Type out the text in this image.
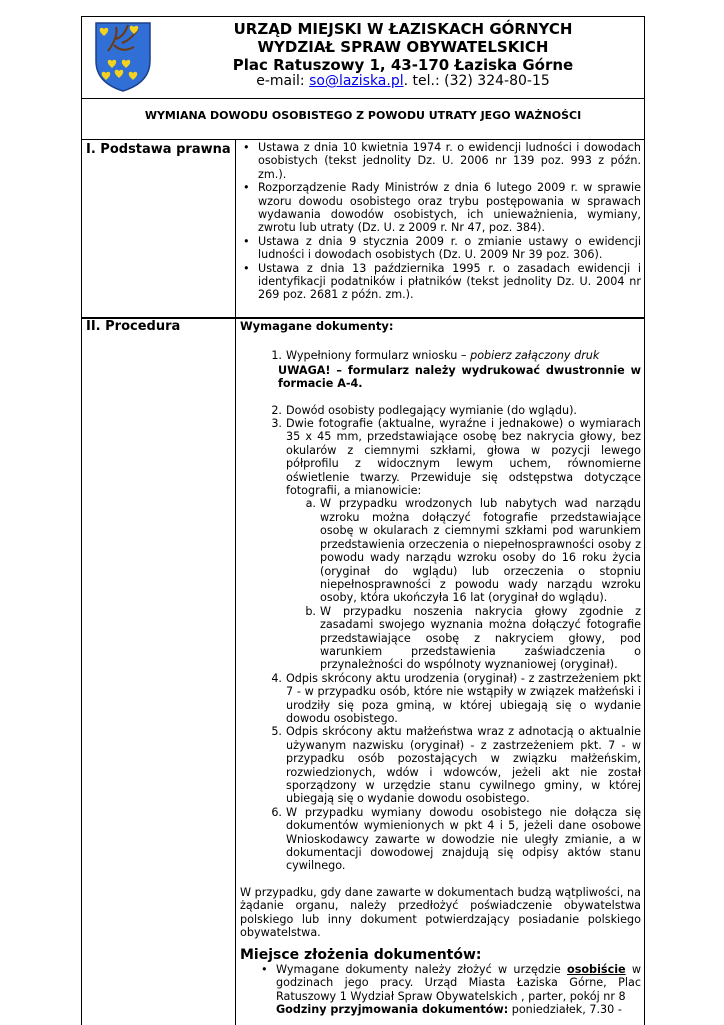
URZĄD MIEJSKI W ŁAZISKACH GÓRNYCH
WYDZIAŁ SPRAW OBYWATELSKICH
Plac Ratuszowy 1, 43-170 Łaziska Górne
e-mail: so@laziska.pl. tel.: (32) 324-80-15
WYMIANA DOWODU OSOBISTEGO Z POWODU UTRATY JEGO WAŻNOŚCI
I. Podstawa prawna	• Ustawa z dnia 10 kwietnia 1974 r. o ewidencji ludności i dowodach osobistych (tekst jednolity Dz. U. 2006 nr 139 poz. 993 z późn. zm.).
• Rozporządzenie Rady Ministrów z dnia 6 lutego 2009 r. w sprawie wzoru dowodu osobistego oraz trybu postępowania w sprawach wydawania dowodów osobistych, ich unieważnienia, wymiany, zwrotu lub utraty (Dz. U. z 2009 r. Nr 47, poz. 384).
• Ustawa z dnia 9 stycznia 2009 r. o zmianie ustawy o ewidencji ludności i dowodach osobistych (Dz. U. 2009 Nr 39 poz. 306).
• Ustawa z dnia 13 października 1995 r. o zasadach ewidencji i identyfikacji podatników i płatników (tekst jednolity Dz. U. 2004 nr 269 poz. 2681 z późn. zm.).
II. Procedura	Wymagane dokumenty:
1. Wypełniony formularz wniosku – pobierz załączony druk
UWAGA! – formularz należy wydrukować dwustronnie w formacie A-4.
2. Dowód osobisty podlegający wymianie (do wglądu).
3. Dwie fotografie (aktualne, wyraźne i jednakowe) o wymiarach 35 x 45 mm, przedstawiające osobę bez nakrycia głowy, bez okularów z ciemnymi szkłami, głowa w pozycji lewego półprofilu z widocznym lewym uchem, równomierne oświetlenie twarzy. Przewiduje się odstępstwa dotyczące fotografii, a mianowicie:
a. W przypadku wrodzonych lub nabytych wad narządu wzroku można dołączyć fotografie przedstawiające osobę w okularach z ciemnymi szkłami pod warunkiem przedstawienia orzeczenia o niepełnosprawności osoby z powodu wady narządu wzroku osoby do 16 roku życia (oryginał do wglądu) lub orzeczenia o stopniu niepełnosprawności z powodu wady narządu wzroku osoby, która ukończyła 16 lat (oryginał do wglądu).
b. W przypadku noszenia nakrycia głowy zgodnie z zasadami swojego wyznania można dołączyć fotografie przedstawiające osobę z nakryciem głowy, pod warunkiem przedstawienia zaświadczenia o przynależności do wspólnoty wyznaniowej (oryginał).
4. Odpis skrócony aktu urodzenia (oryginał) - z zastrzeżeniem pkt 7 - w przypadku osób, które nie wstąpiły w związek małżeński i urodziły się poza gminą, w której ubiegają się o wydanie dowodu osobistego.
5. Odpis skrócony aktu małżeństwa wraz z adnotacją o aktualnie używanym nazwisku (oryginał) - z zastrzeżeniem pkt. 7 - w przypadku osób pozostających w związku małżeńskim, rozwiedzionych, wdów i wdowców, jeżeli akt nie został sporządzony w urzędzie stanu cywilnego gminy, w której ubiegają się o wydanie dowodu osobistego.
6. W przypadku wymiany dowodu osobistego nie dołącza się dokumentów wymienionych w pkt 4 i 5, jeżeli dane osobowe Wnioskodawcy zawarte w dowodzie nie uległy zmianie, a w dokumentacji dowodowej znajdują się odpisy aktów stanu cywilnego.
W przypadku, gdy dane zawarte w dokumentach budzą wątpliwości, na żądanie organu, należy przedłożyć poświadczenie obywatelstwa polskiego lub inny dokument potwierdzający posiadanie polskiego obywatelstwa.
Miejsce złożenia dokumentów:
• Wymagane dokumenty należy złożyć w urzędzie osobiście w godzinach jego pracy. Urząd Miasta Łaziska Górne, Plac Ratuszowy 1 Wydział Spraw Obywatelskich , parter, pokój nr 8
Godziny przyjmowania dokumentów: poniedziałek, 7.30 -
